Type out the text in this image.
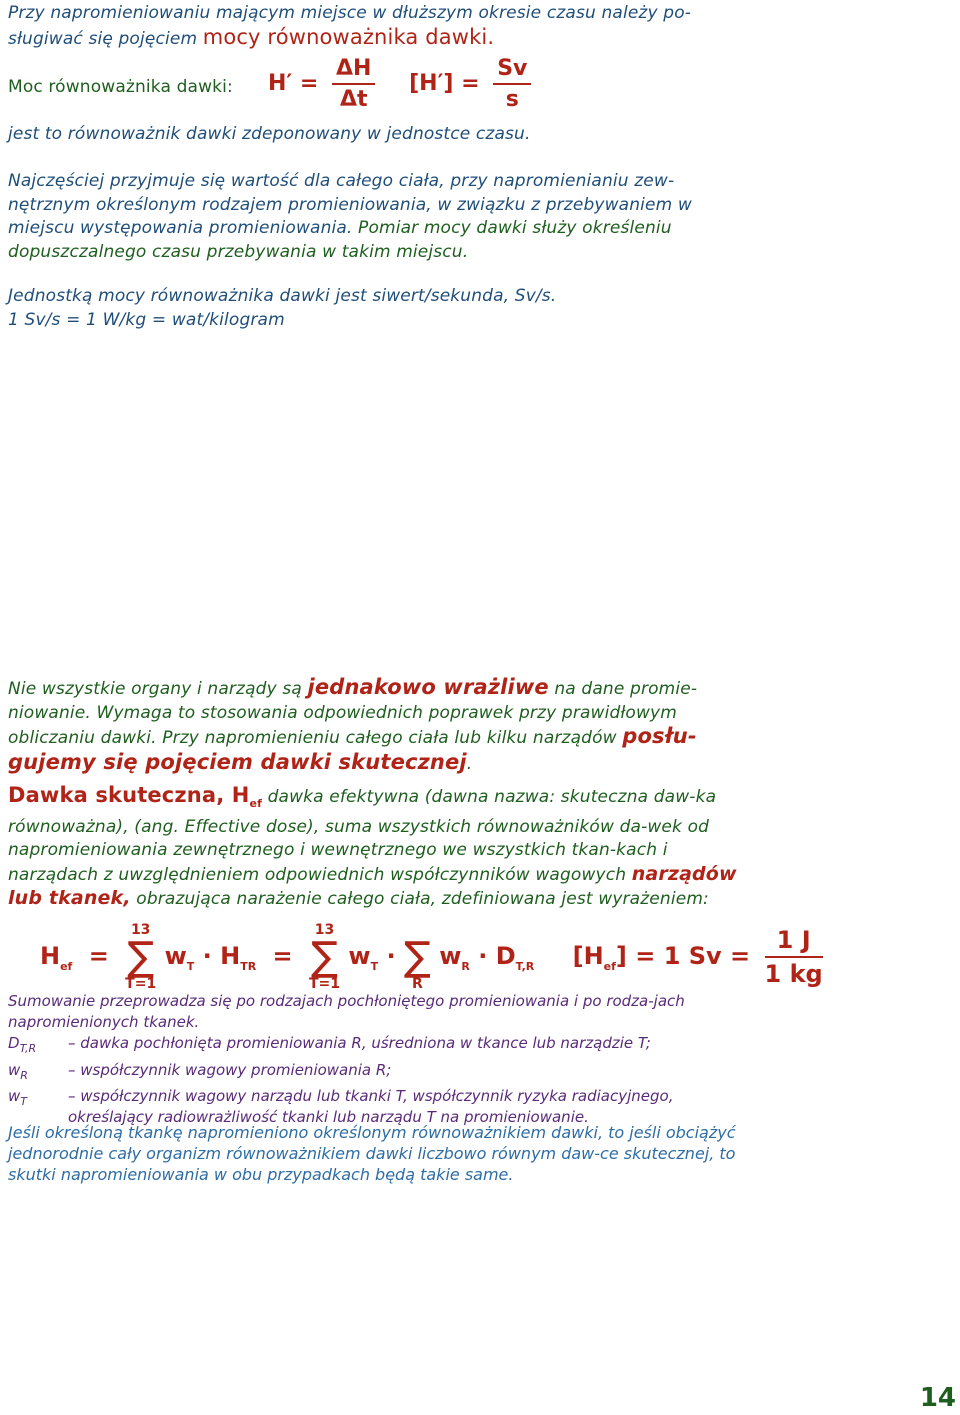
Przy napromieniowaniu mającym miejsce w dłuższym okresie czasu należy po-
sługiwać się pojęciem mocy równoważnika dawki.
Moc równoważnika dawki:	$H' = \frac{\Delta H}{\Delta t} [H'] = \frac{Sv}{s}$
jest to równoważnik dawki zdeponowany w jednostce czasu.
Najczęściej przyjmuje się wartość dla całego ciała, przy napromienianiu zew-nętrznym określonym rodzajem promieniowania, w związku z przebywaniem w miejscu występowania promieniowania. Pomiar mocy dawki służy określeniu dopuszczalnego czasu przebywania w takim miejscu.
Jednostką mocy równoważnika dawki jest siwert/sekunda, Sv/s.
1 Sv/s = 1 W/kg = wat/kilogram
Nie wszystkie organy i narządy są jednakowo wrażliwe na dane promie-niowanie. Wymaga to stosowania odpowiednich poprawek przy prawidłowym obliczaniu dawki. Przy napromienieniu całego ciała lub kilku narządów posłu-gujemy się pojęciem dawki skutecznej.
Dawka skuteczna, $H_{ef}$ dawka efektywna (dawna nazwa: skuteczna daw-ka równoważna), (ang. Effective dose), suma wszystkich równoważników da-wek od napromieniowania zewnętrznego i wewnętrznego we wszystkich tkan-kach i narządach z uwzględnieniem odpowiednich współczynników wagowych narządów lub tkanek, obrazująca narażenie całego ciała, zdefiniowana jest wyrażeniem:
$H_{ef} = 13$
∑
T=1 $w_T \cdot H_{TR} = 13$
∑
T=1 $w_T$ · ∑
R $w_R \cdot D_{T,R}$ $[H_{ef}] = 1$ $Sv = \frac{1 J}{1 kg}$
Sumowanie przeprowadza się po rodzajach pochłoniętego promieniowania i po rodza-jach napromienionych tkanek.
$D_{T,R}$	– dawka pochłonięta promieniowania R, uśredniona w tkance lub narządzie T;
$w_R$	– współczynnik wagowy promieniowania R;
$w_T$	– współczynnik wagowy narządu lub tkanki T, współczynnik ryzyka radiacyjnego, określający radiowrażliwość tkanki lub narządu T na promieniowanie.
Jeśli określoną tkankę napromieniono określonym równoważnikiem dawki, to jeśli obciążyć jednorodnie cały organizm równoważnikiem dawki liczbowo równym daw-ce skutecznej, to skutki napromieniowania w obu przypadkach będą takie same.
14
